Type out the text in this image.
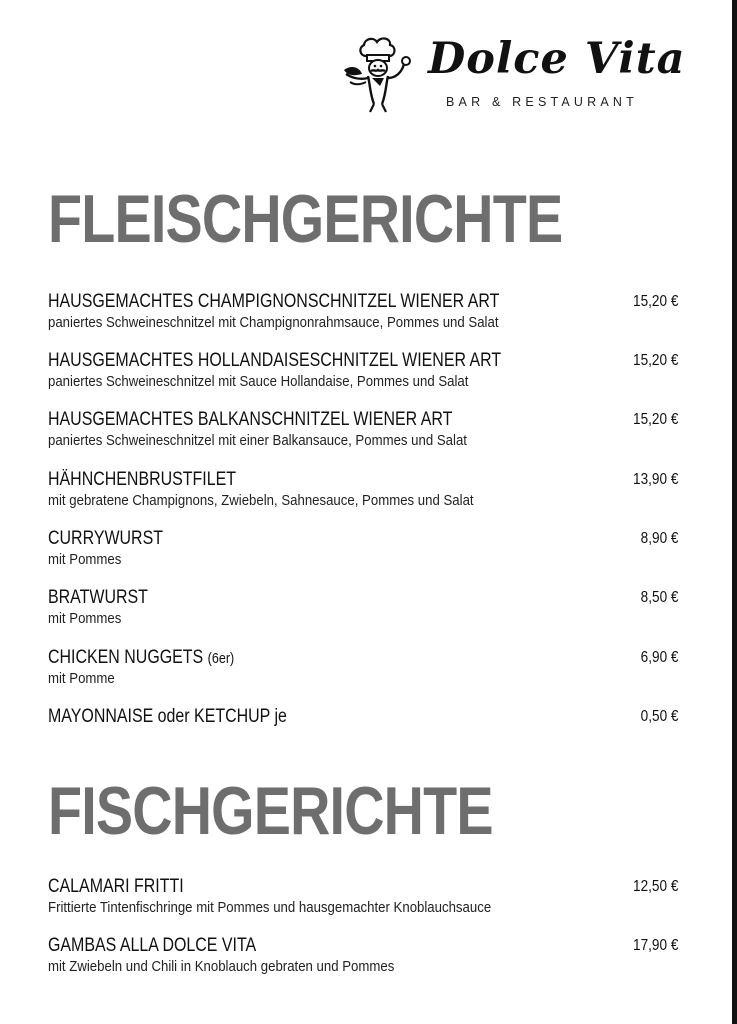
Dolce Vita
BAR & RESTAURANT
FLEISCHGERICHTE
HAUSGEMACHTES CHAMPIGNONSCHNITZEL WIENER ART
paniertes Schweineschnitzel mit Champignonrahmsauce, Pommes und Salat
15,20 €
HAUSGEMACHTES HOLLANDAISESCHNITZEL WIENER ART
paniertes Schweineschnitzel mit Sauce Hollandaise, Pommes und Salat
15,20 €
HAUSGEMACHTES BALKANSCHNITZEL WIENER ART
paniertes Schweineschnitzel mit einer Balkansauce, Pommes und Salat
15,20 €
HÄHNCHENBRUSTFILET
mit gebratene Champignons, Zwiebeln, Sahnesauce, Pommes und Salat
13,90 €
CURRYWURST
mit Pommes
8,90 €
BRATWURST
mit Pommes
8,50 €
CHICKEN NUGGETS (6er)
mit Pomme
6,90 €
MAYONNAISE oder KETCHUP je	0,50 €
FISCHGERICHTE
CALAMARI FRITTI
Frittierte Tintenfischringe mit Pommes und hausgemachter Knoblauchsauce
12,50 €
GAMBAS ALLA DOLCE VITA
mit Zwiebeln und Chili in Knoblauch gebraten und Pommes
17,90 €
